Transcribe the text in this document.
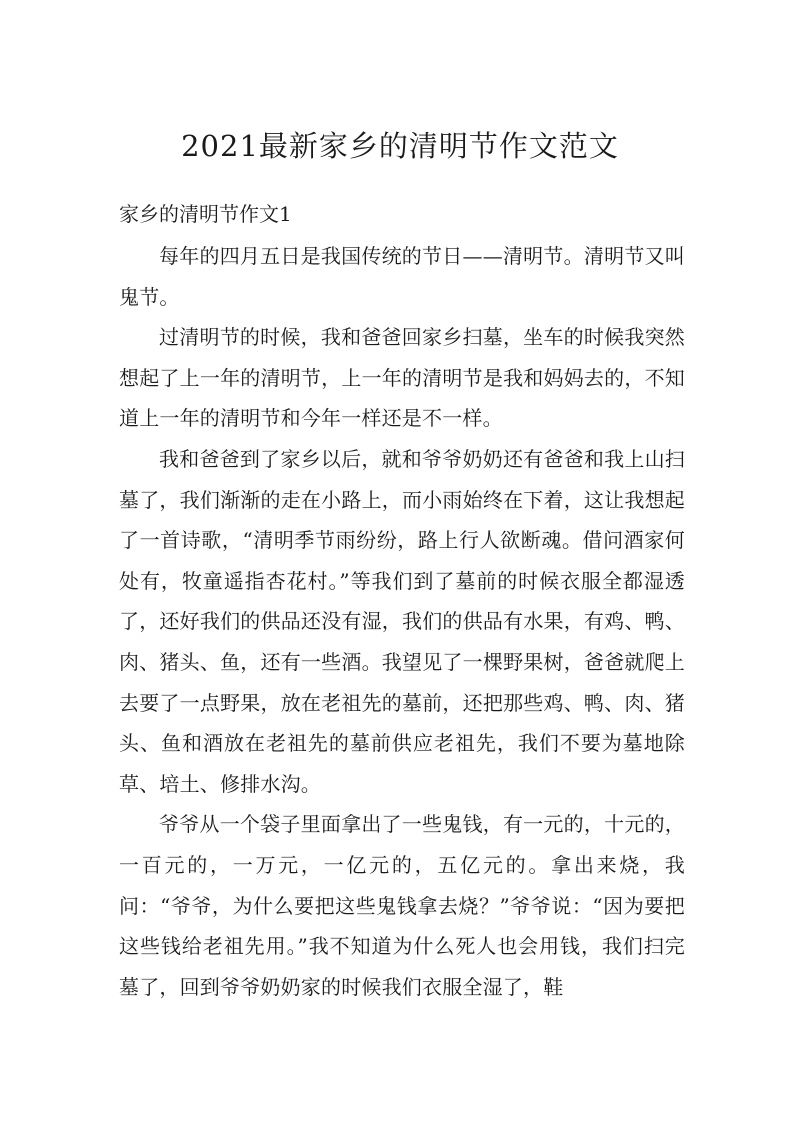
2021最新家乡的清明节作文范文
家乡的清明节作文1

每年的四月五日是我国传统的节日——清明节。清明节又叫鬼节。

过清明节的时候，我和爸爸回家乡扫墓，坐车的时候我突然想起了上一年的清明节，上一年的清明节是我和妈妈去的，不知道上一年的清明节和今年一样还是不一样。

我和爸爸到了家乡以后，就和爷爷奶奶还有爸爸和我上山扫墓了，我们渐渐的走在小路上，而小雨始终在下着，这让我想起了一首诗歌，“清明季节雨纷纷，路上行人欲断魂。借问酒家何处有，牧童遥指杏花村。”等我们到了墓前的时候衣服全都湿透了，还好我们的供品还没有湿，我们的供品有水果，有鸡、鸭、肉、猪头、鱼，还有一些酒。我望见了一棵野果树，爸爸就爬上去要了一点野果，放在老祖先的墓前，还把那些鸡、鸭、肉、猪头、鱼和酒放在老祖先的墓前供应老祖先，我们不要为墓地除草、培土、修排水沟。

爷爷从一个袋子里面拿出了一些鬼钱，有一元的，十元的，一百元的，一万元，一亿元的，五亿元的。拿出来烧，我问：“爷爷，为什么要把这些鬼钱拿去烧？”爷爷说：“因为要把这些钱给老祖先用。”我不知道为什么死人也会用钱，我们扫完墓了，回到爷爷奶奶家的时候我们衣服全湿了，鞋
